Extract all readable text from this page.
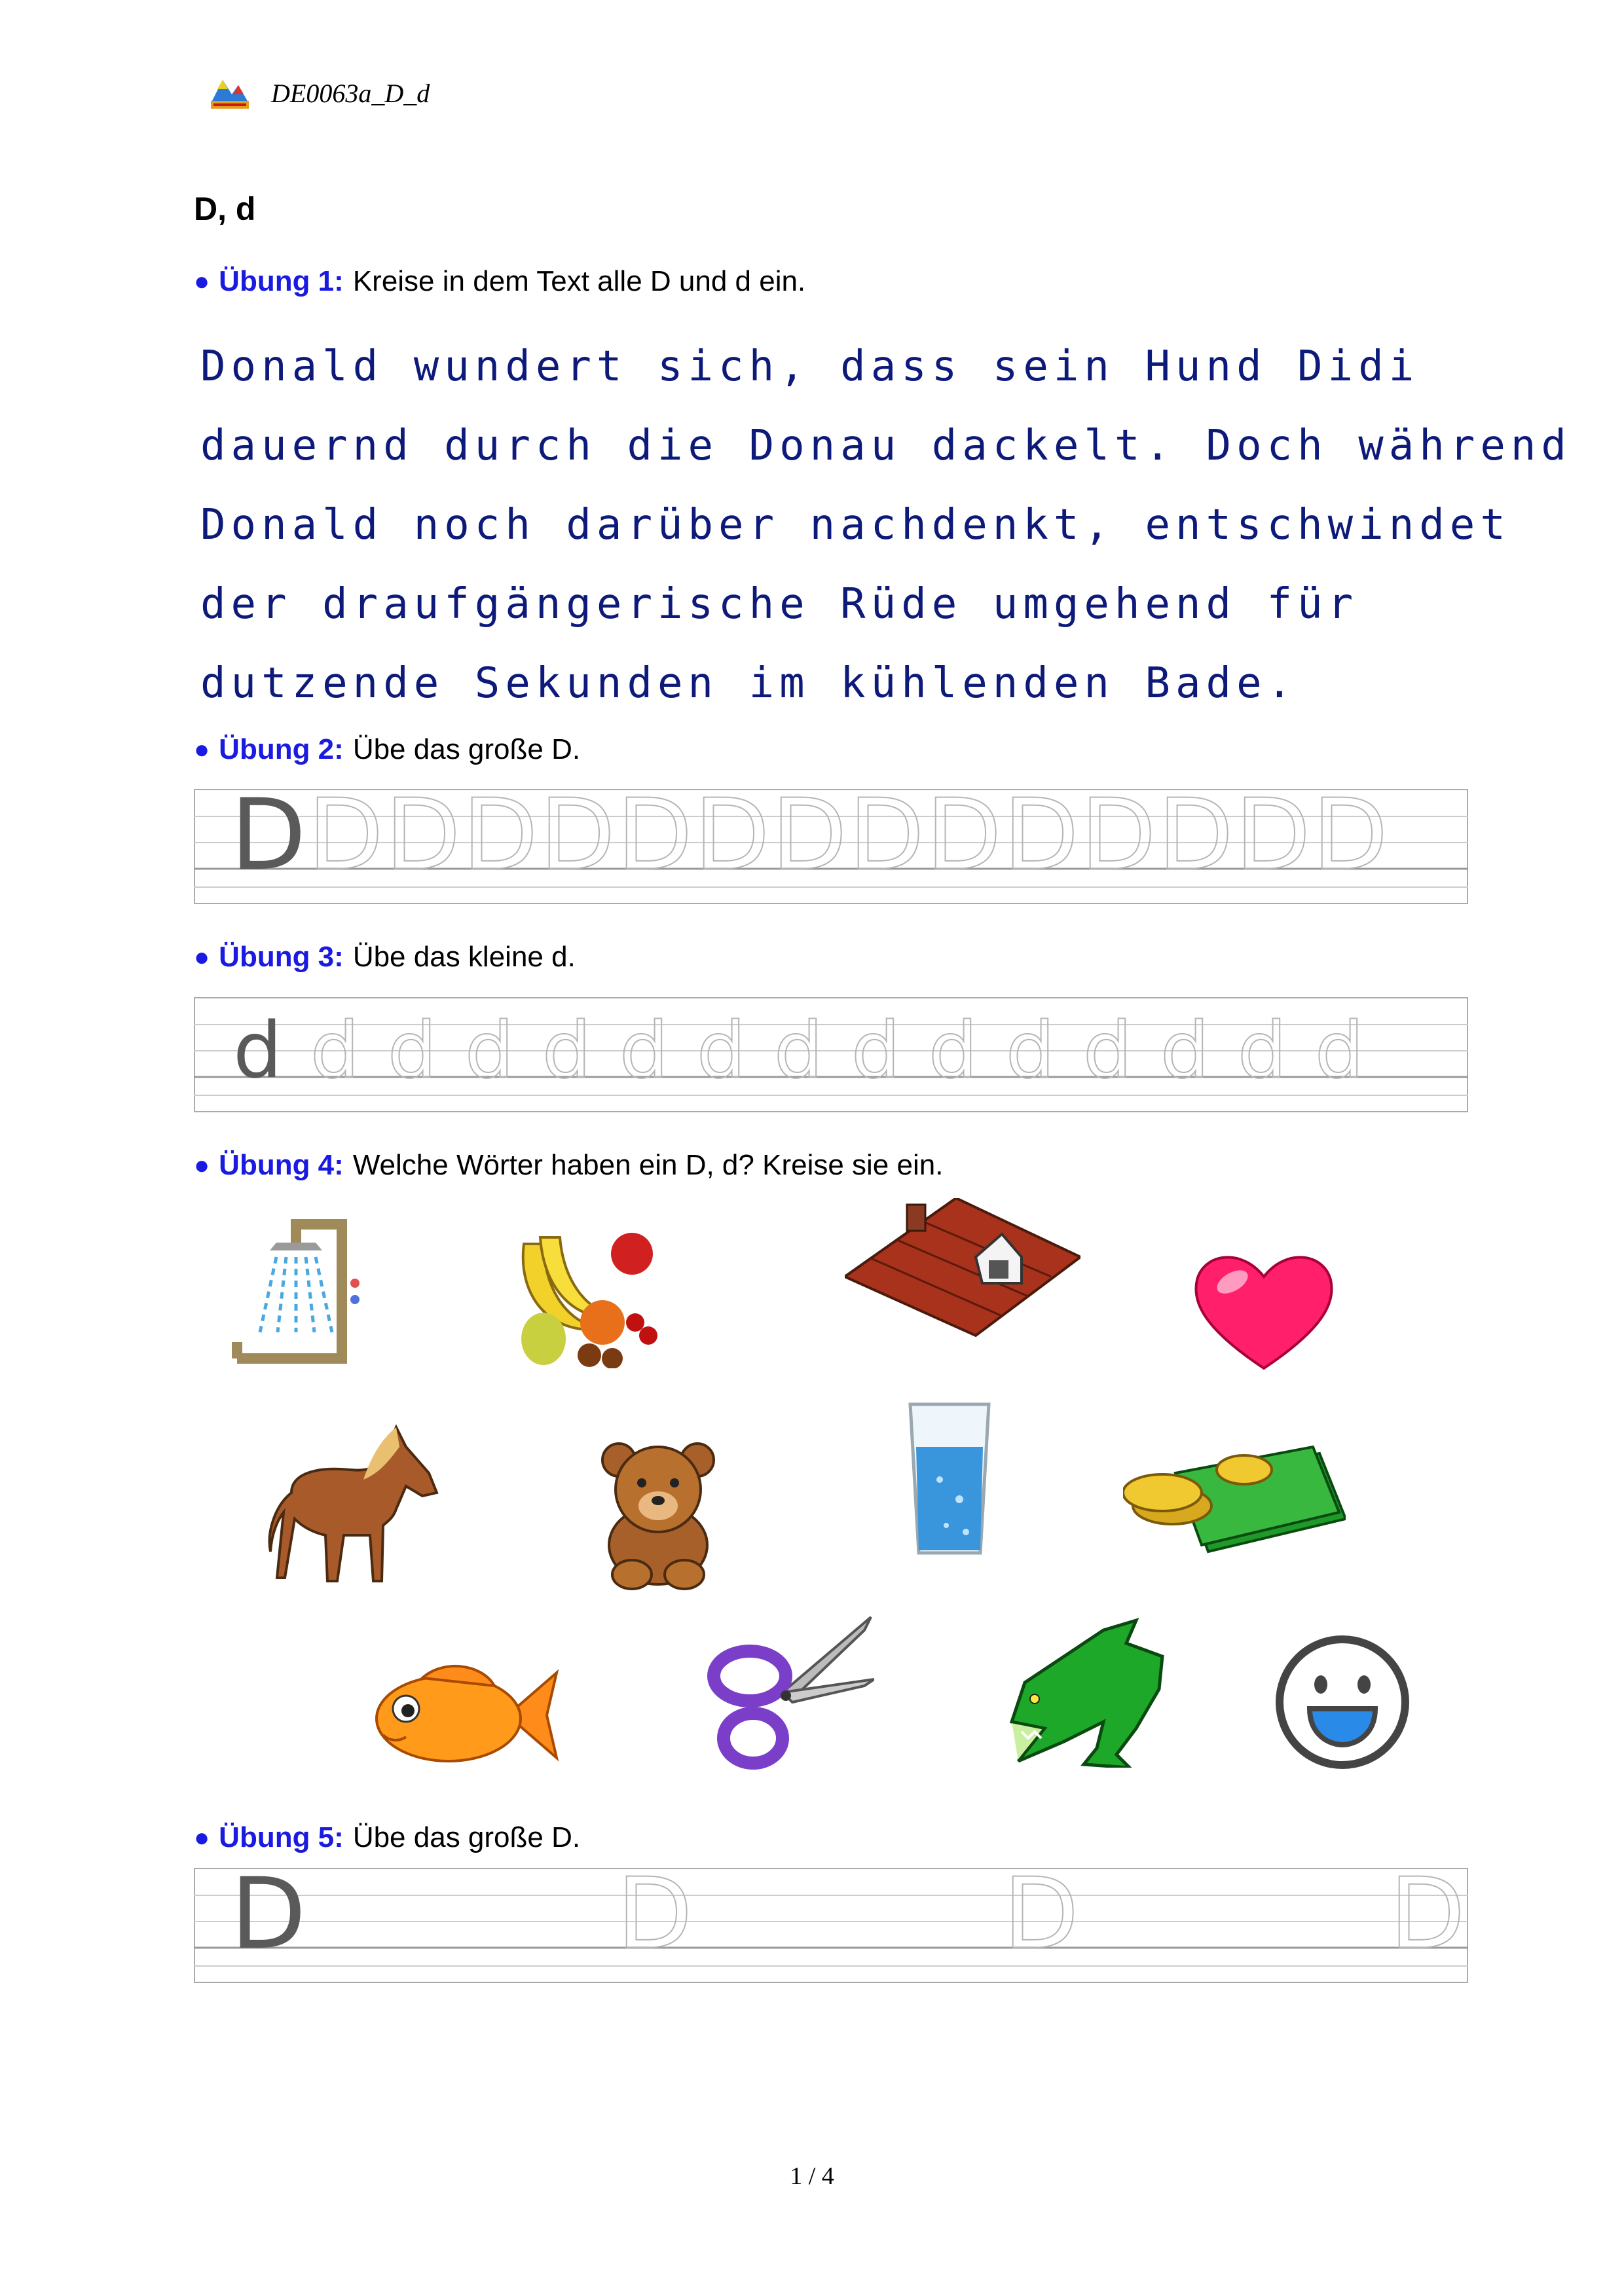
DE0063a_D_d
D, d
● Übung 1: Kreise in dem Text alle D und d ein.
Donald wundert sich, dass sein Hund Didi
dauernd durch die Donau dackelt. Doch während
Donald noch darüber nachdenkt, entschwindet
der draufgängerische Rüde umgehend für
dutzende Sekunden im kühlenden Bade.
● Übung 2: Übe das große D.
D D D D D D D D D D D D D D D
● Übung 3: Übe das kleine d.
d d d d d d d d d d d d d d d
● Übung 4: Welche Wörter haben ein D, d? Kreise sie ein.
● Übung 5: Übe das große D.
D	D	D	D
1 / 4
